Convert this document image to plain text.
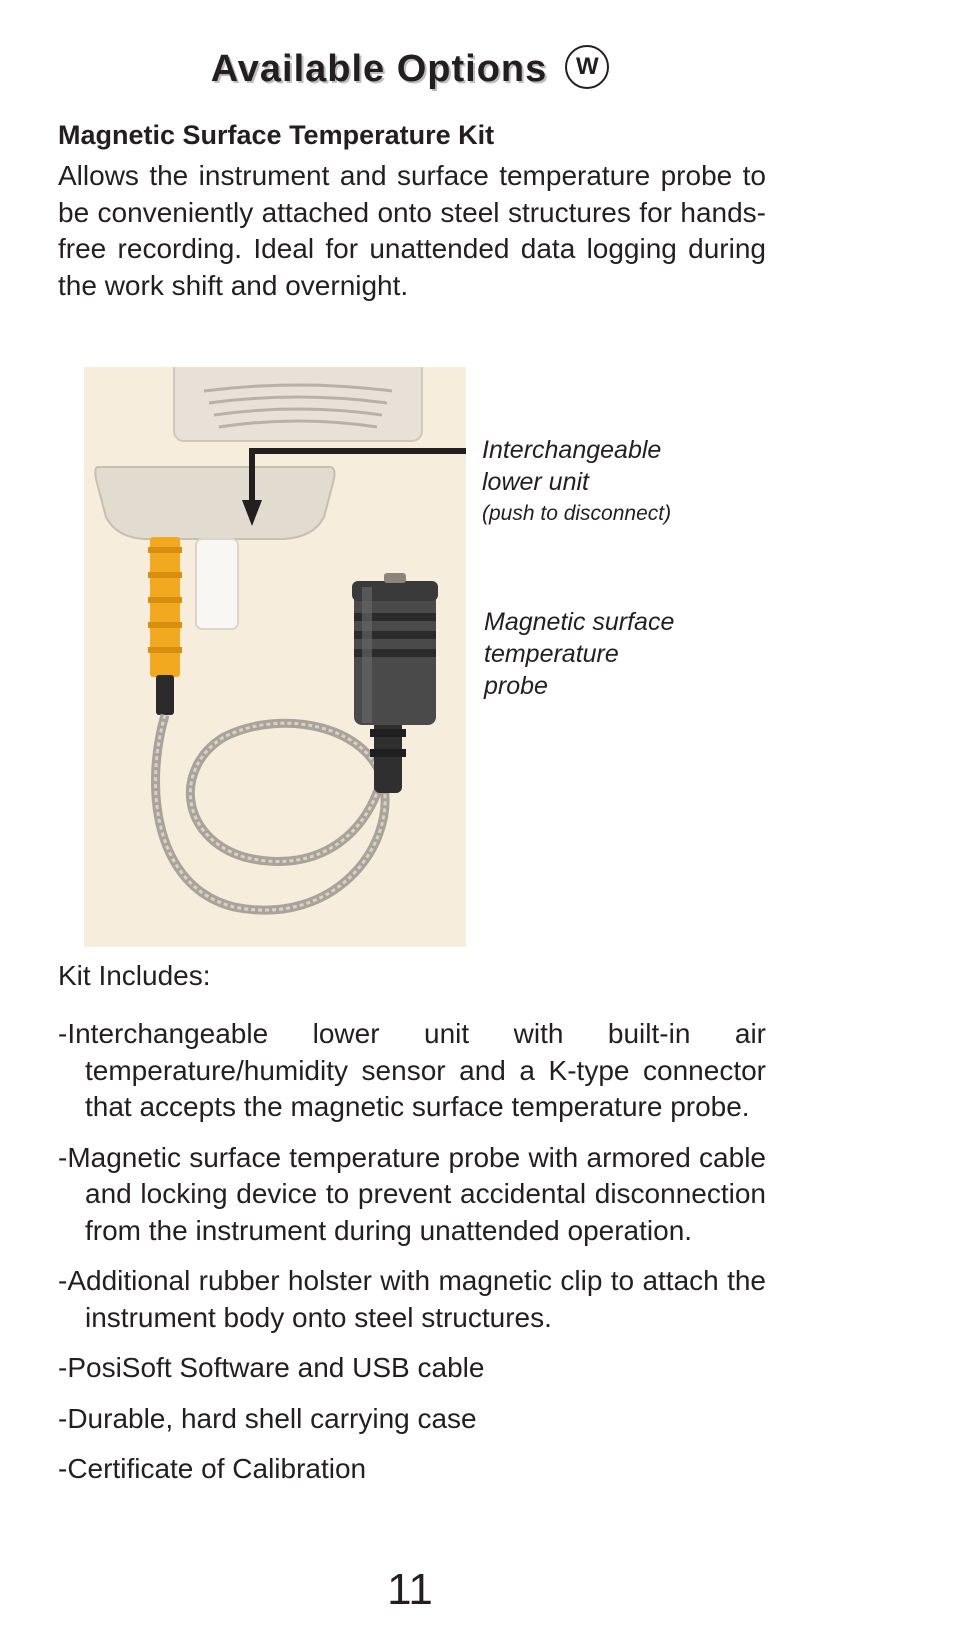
Available Options W
Magnetic Surface Temperature Kit

Allows the instrument and surface temperature probe to be conveniently attached onto steel structures for hands-free recording. Ideal for unattended data logging during the work shift and overnight.

Interchangeable
lower unit
(push to disconnect)
Magnetic surface
temperature
probe
Kit Includes:
-Interchangeable lower unit with built-in air temperature/humidity sensor and a K-type connector that accepts the magnetic surface temperature probe.
-Magnetic surface temperature probe with armored cable and locking device to prevent accidental disconnection from the instrument during unattended operation.
-Additional rubber holster with magnetic clip to attach the instrument body onto steel structures.
-PosiSoft Software and USB cable
-Durable, hard shell carrying case
-Certificate of Calibration
11
